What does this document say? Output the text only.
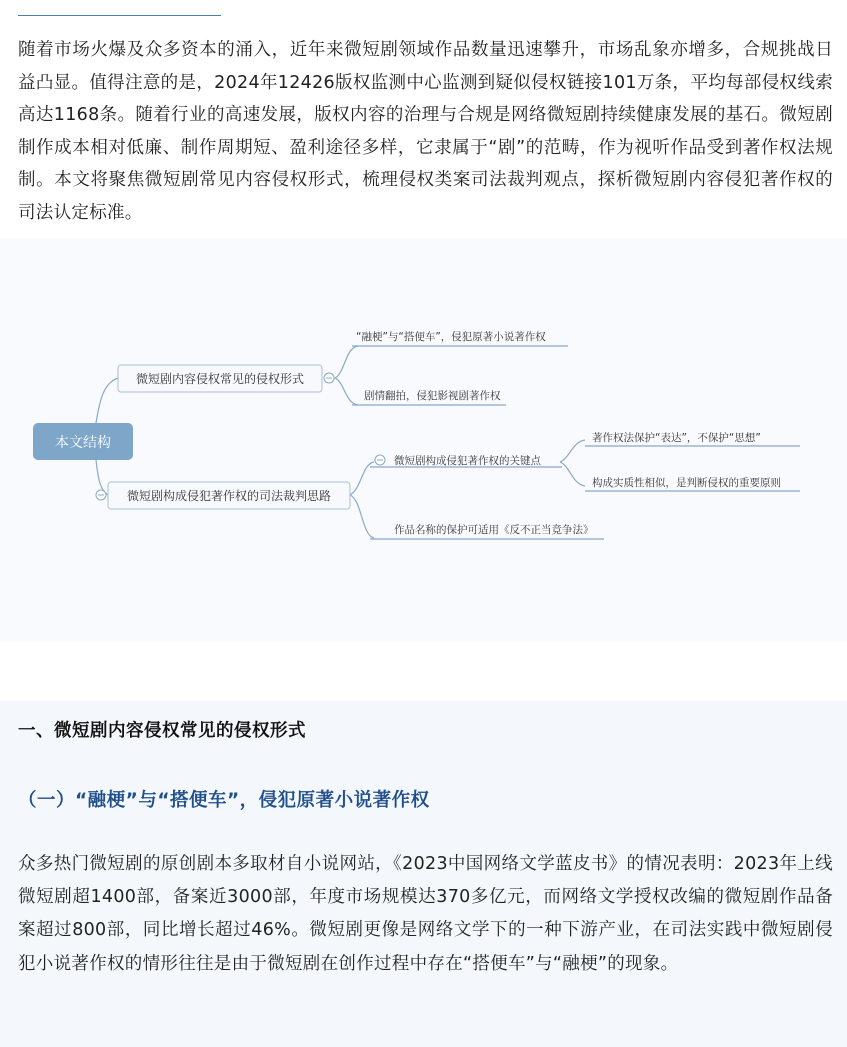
随着市场火爆及众多资本的涌入，近年来微短剧领域作品数量迅速攀升，市场乱象亦增多，合规挑战日益凸显。值得注意的是，2024年12426版权监测中心监测到疑似侵权链接101万条，平均每部侵权线索高达1168条。随着行业的高速发展，版权内容的治理与合规是网络微短剧持续健康发展的基石。微短剧制作成本相对低廉、制作周期短、盈利途径多样，它隶属于“剧”的范畴，作为视听作品受到著作权法规制。本文将聚焦微短剧常见内容侵权形式，梳理侵权类案司法裁判观点，探析微短剧内容侵犯著作权的司法认定标准。

本文结构
微短剧内容侵权常见的侵权形式
“融梗”与“搭便车”，侵犯原著小说著作权
剧情翻拍，侵犯影视剧著作权
微短剧构成侵犯著作权的司法裁判思路
微短剧构成侵犯著作权的关键点
著作权法保护“表达”，不保护“思想”
构成实质性相似，是判断侵权的重要原则
作品名称的保护可适用《反不正当竞争法》
一、微短剧内容侵权常见的侵权形式
（一）“融梗”与“搭便车”，侵犯原著小说著作权

众多热门微短剧的原创剧本多取材自小说网站，《2023中国网络文学蓝皮书》的情况表明：2023年上线微短剧超1400部，备案近3000部，年度市场规模达370多亿元，而网络文学授权改编的微短剧作品备案超过800部，同比增长超过46%。微短剧更像是网络文学下的一种下游产业，在司法实践中微短剧侵犯小说著作权的情形往往是由于微短剧在创作过程中存在“搭便车”与“融梗”的现象。
